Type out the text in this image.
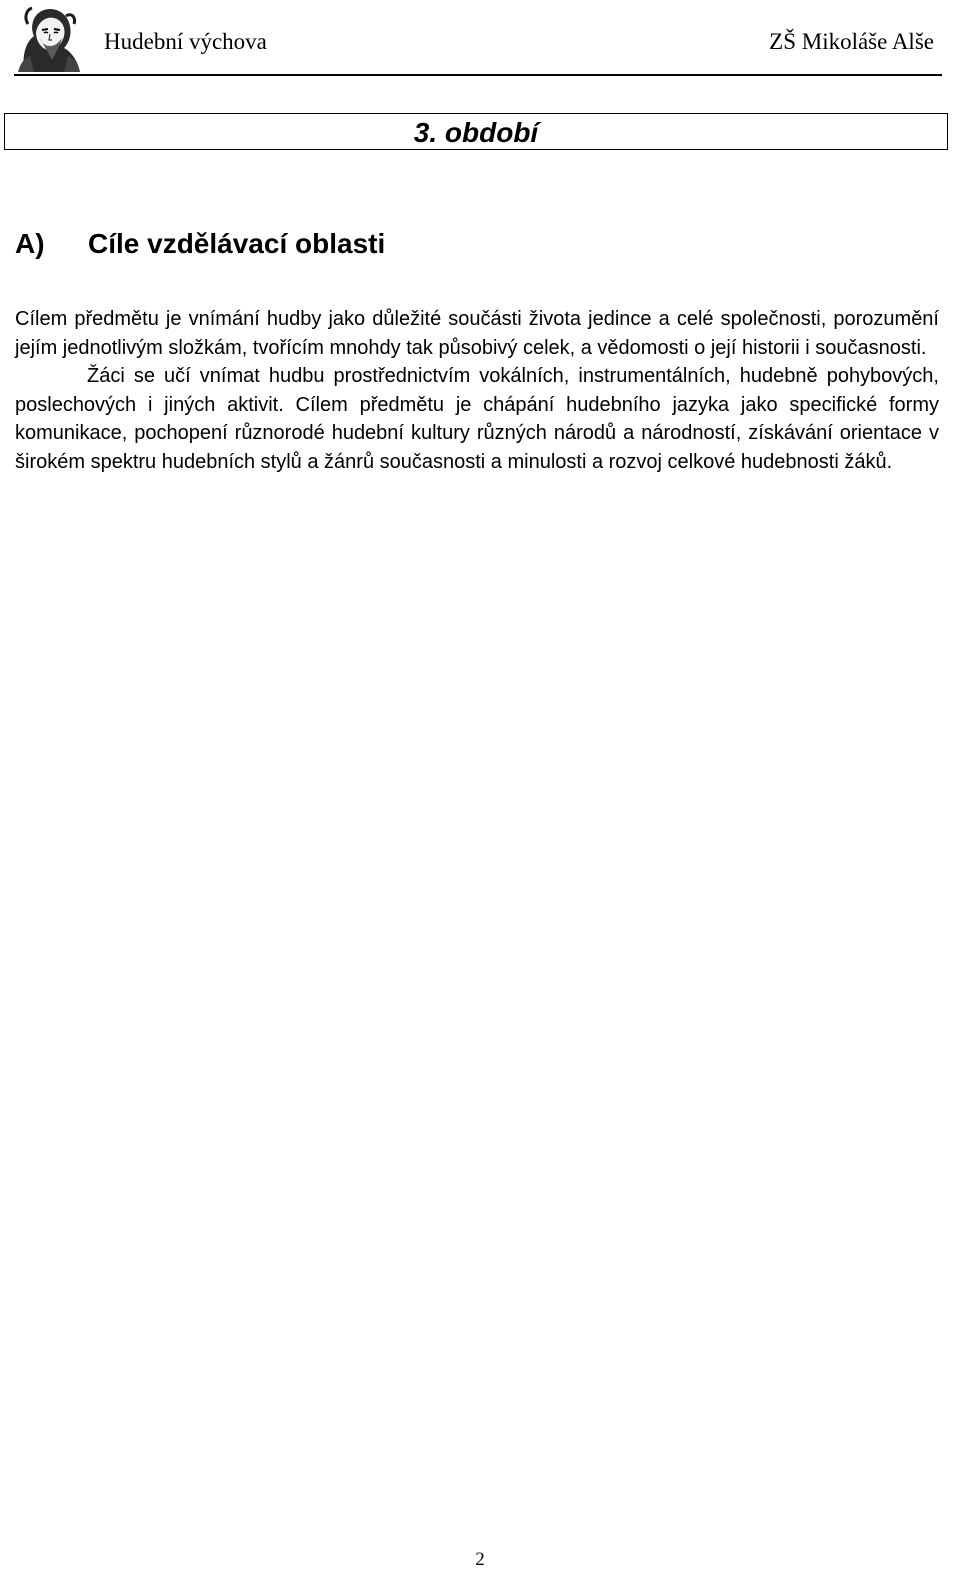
Hudební výchova	ZŠ Mikoláše Alše
3. období
A) Cíle vzdělávací oblasti

Cílem předmětu je vnímání hudby jako důležité součásti života jedince a celé společnosti, porozumění jejím jednotlivým složkám, tvořícím mnohdy tak působivý celek, a vědomosti o její historii i současnosti.

Žáci se učí vnímat hudbu prostřednictvím vokálních, instrumentálních, hudebně pohybových, poslechových i jiných aktivit. Cílem předmětu je chápání hudebního jazyka jako specifické formy komunikace, pochopení různorodé hudební kultury různých národů a národností, získávání orientace v širokém spektru hudebních stylů a žánrů současnosti a minulosti a rozvoj celkové hudebnosti žáků.

2
